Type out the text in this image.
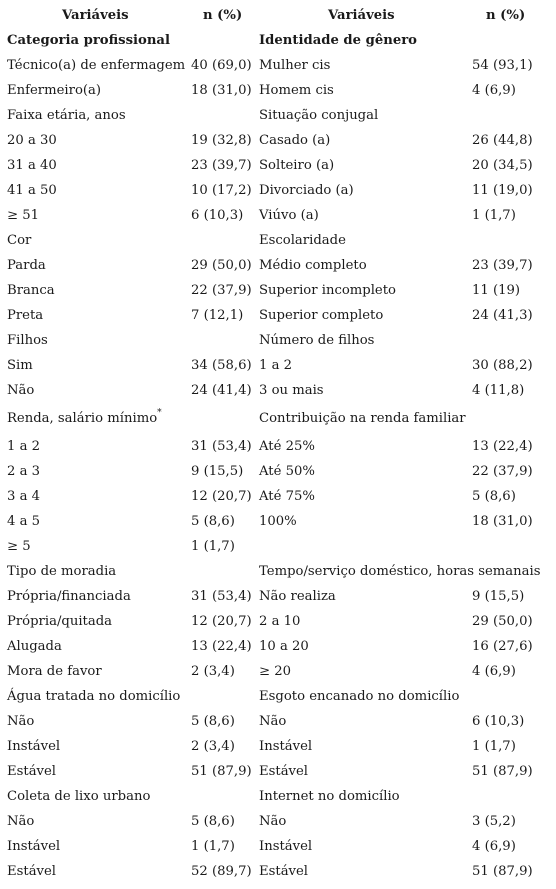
Variáveis	n (%)	Variáveis	n (%)
Categoria profissional	Identidade de gênero
Técnico(a) de enfermagem 40 (69,0) Mulher cis	54 (93,1)
Enfermeiro(a)	18 (31,0) Homem cis	4 (6,9)
Faixa etária, anos	Situação conjugal
20 a 30	19 (32,8) Casado (a)	26 (44,8)
31 a 40	23 (39,7) Solteiro (a)	20 (34,5)
41 a 50	10 (17,2) Divorciado (a)	11 (19,0)
≥ 51	6 (10,3) Viúvo (a)	1 (1,7)
Cor	Escolaridade
Parda	29 (50,0) Médio completo	23 (39,7)
Branca	22 (37,9) Superior incompleto	11 (19)
Preta	7 (12,1) Superior completo	24 (41,3)
Filhos	Número de filhos
Sim	34 (58,6) 1 a 2	30 (88,2)
Não	24 (41,4) 3 ou mais	4 (11,8)
Renda, salário mínimo*	Contribuição na renda familiar
1 a 2	31 (53,4) Até 25%	13 (22,4)
2 a 3	9 (15,5) Até 50%	22 (37,9)
3 a 4	12 (20,7) Até 75%	5 (8,6)
4 a 5	5 (8,6) 100%	18 (31,0)
≥ 5	1 (1,7)
Tipo de moradia	Tempo/serviço doméstico, horas semanais
Própria/financiada	31 (53,4) Não realiza	9 (15,5)
Própria/quitada	12 (20,7) 2 a 10	29 (50,0)
Alugada	13 (22,4) 10 a 20	16 (27,6)
Mora de favor	2 (3,4) ≥ 20	4 (6,9)
Água tratada no domicílio	Esgoto encanado no domicílio
Não	5 (8,6) Não	6 (10,3)
Instável	2 (3,4) Instável	1 (1,7)
Estável	51 (87,9) Estável	51 (87,9)
Coleta de lixo urbano	Internet no domicílio
Não	5 (8,6) Não	3 (5,2)
Instável	1 (1,7) Instável	4 (6,9)
Estável	52 (89,7) Estável	51 (87,9)
